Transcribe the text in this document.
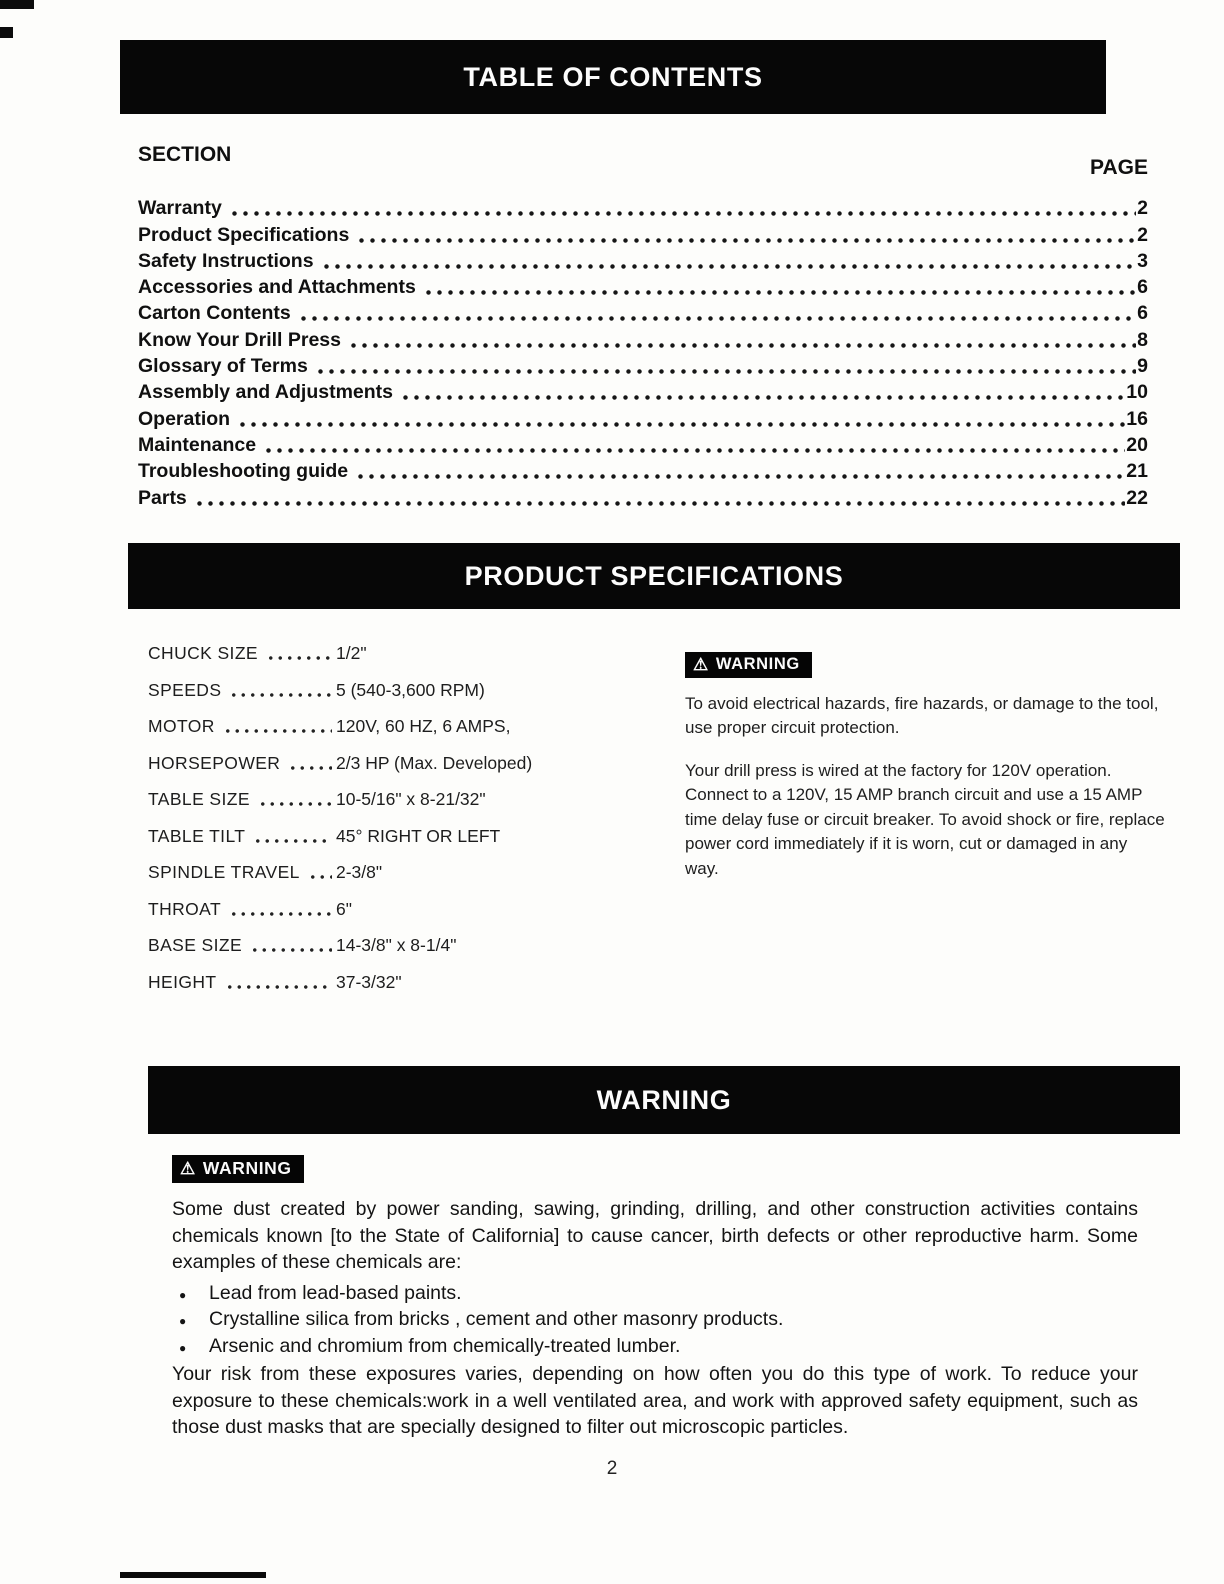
TABLE OF CONTENTS
SECTION
PAGE
Warranty	2
Product Specifications	2
Safety Instructions	3
Accessories and Attachments	6
Carton Contents	6
Know Your Drill Press	8
Glossary of Terms	9
Assembly and Adjustments	10
Operation	16
Maintenance	20
Troubleshooting guide	21
Parts	22
PRODUCT SPECIFICATIONS
CHUCK SIZE	1/2"
SPEEDS	5 (540-3,600 RPM)
MOTOR	120V, 60 HZ, 6 AMPS,
HORSEPOWER	2/3 HP (Max. Developed)
TABLE SIZE	10-5/16" x 8-21/32"
TABLE TILT	45° RIGHT OR LEFT
SPINDLE TRAVEL 2-3/8"
THROAT	6"
BASE SIZE	14-3/8" x 8-1/4"
HEIGHT	37-3/32"
⚠ WARNING

To avoid electrical hazards, fire hazards, or damage to the tool, use proper circuit protection.

Your drill press is wired at the factory for 120V operation. Connect to a 120V, 15 AMP branch circuit and use a 15 AMP time delay fuse or circuit breaker. To avoid shock or fire, replace power cord immediately if it is worn, cut or damaged in any way.

WARNING
⚠ WARNING

Some dust created by power sanding, sawing, grinding, drilling, and other construction activities contains chemicals known [to the State of California] to cause cancer, birth defects or other reproductive harm. Some examples of these chemicals are:

●	Lead from lead-based paints.
●	Crystalline silica from bricks , cement and other masonry products.
●	Arsenic and chromium from chemically-treated lumber.

Your risk from these exposures varies, depending on how often you do this type of work. To reduce your exposure to these chemicals:work in a well ventilated area, and work with approved safety equipment, such as those dust masks that are specially designed to filter out microscopic particles.

2
